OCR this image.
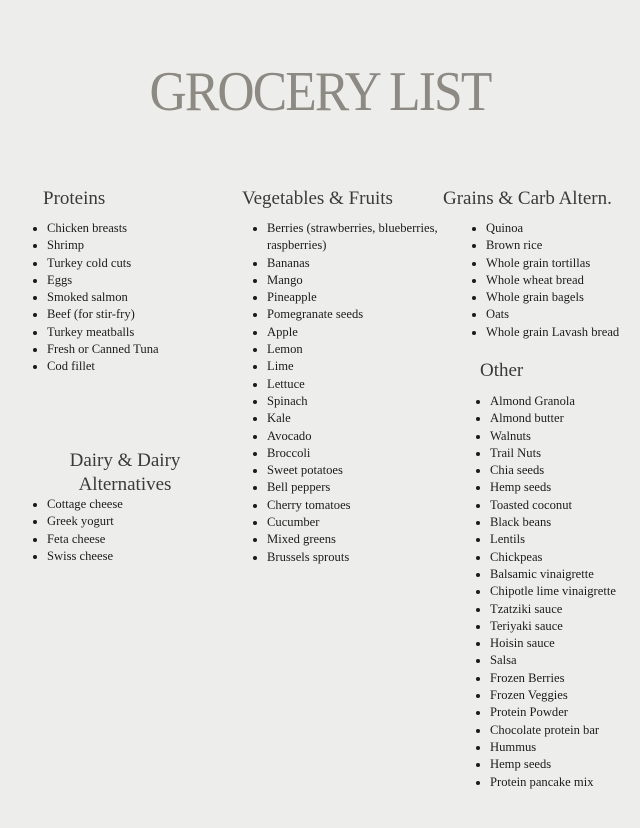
GROCERY LIST
Proteins
Chicken breasts
Shrimp
Turkey cold cuts
Eggs
Smoked salmon
Beef (for stir-fry)
Turkey meatballs
Fresh or Canned Tuna
Cod fillet
Dairy & Dairy
Alternatives
Cottage cheese
Greek yogurt
Feta cheese
Swiss cheese
Vegetables & Fruits
Berries (strawberries, blueberries,
raspberries)
Bananas
Mango
Pineapple
Pomegranate seeds
Apple
Lemon
Lime
Lettuce
Spinach
Kale
Avocado
Broccoli
Sweet potatoes
Bell peppers
Cherry tomatoes
Cucumber
Mixed greens
Brussels sprouts
Grains & Carb Altern.
Quinoa
Brown rice
Whole grain tortillas
Whole wheat bread
Whole grain bagels
Oats
Whole grain Lavash bread
Other
Almond Granola
Almond butter
Walnuts
Trail Nuts
Chia seeds
Hemp seeds
Toasted coconut
Black beans
Lentils
Chickpeas
Balsamic vinaigrette
Chipotle lime vinaigrette
Tzatziki sauce
Teriyaki sauce
Hoisin sauce
Salsa
Frozen Berries
Frozen Veggies
Protein Powder
Chocolate protein bar
Hummus
Hemp seeds
Protein pancake mix
